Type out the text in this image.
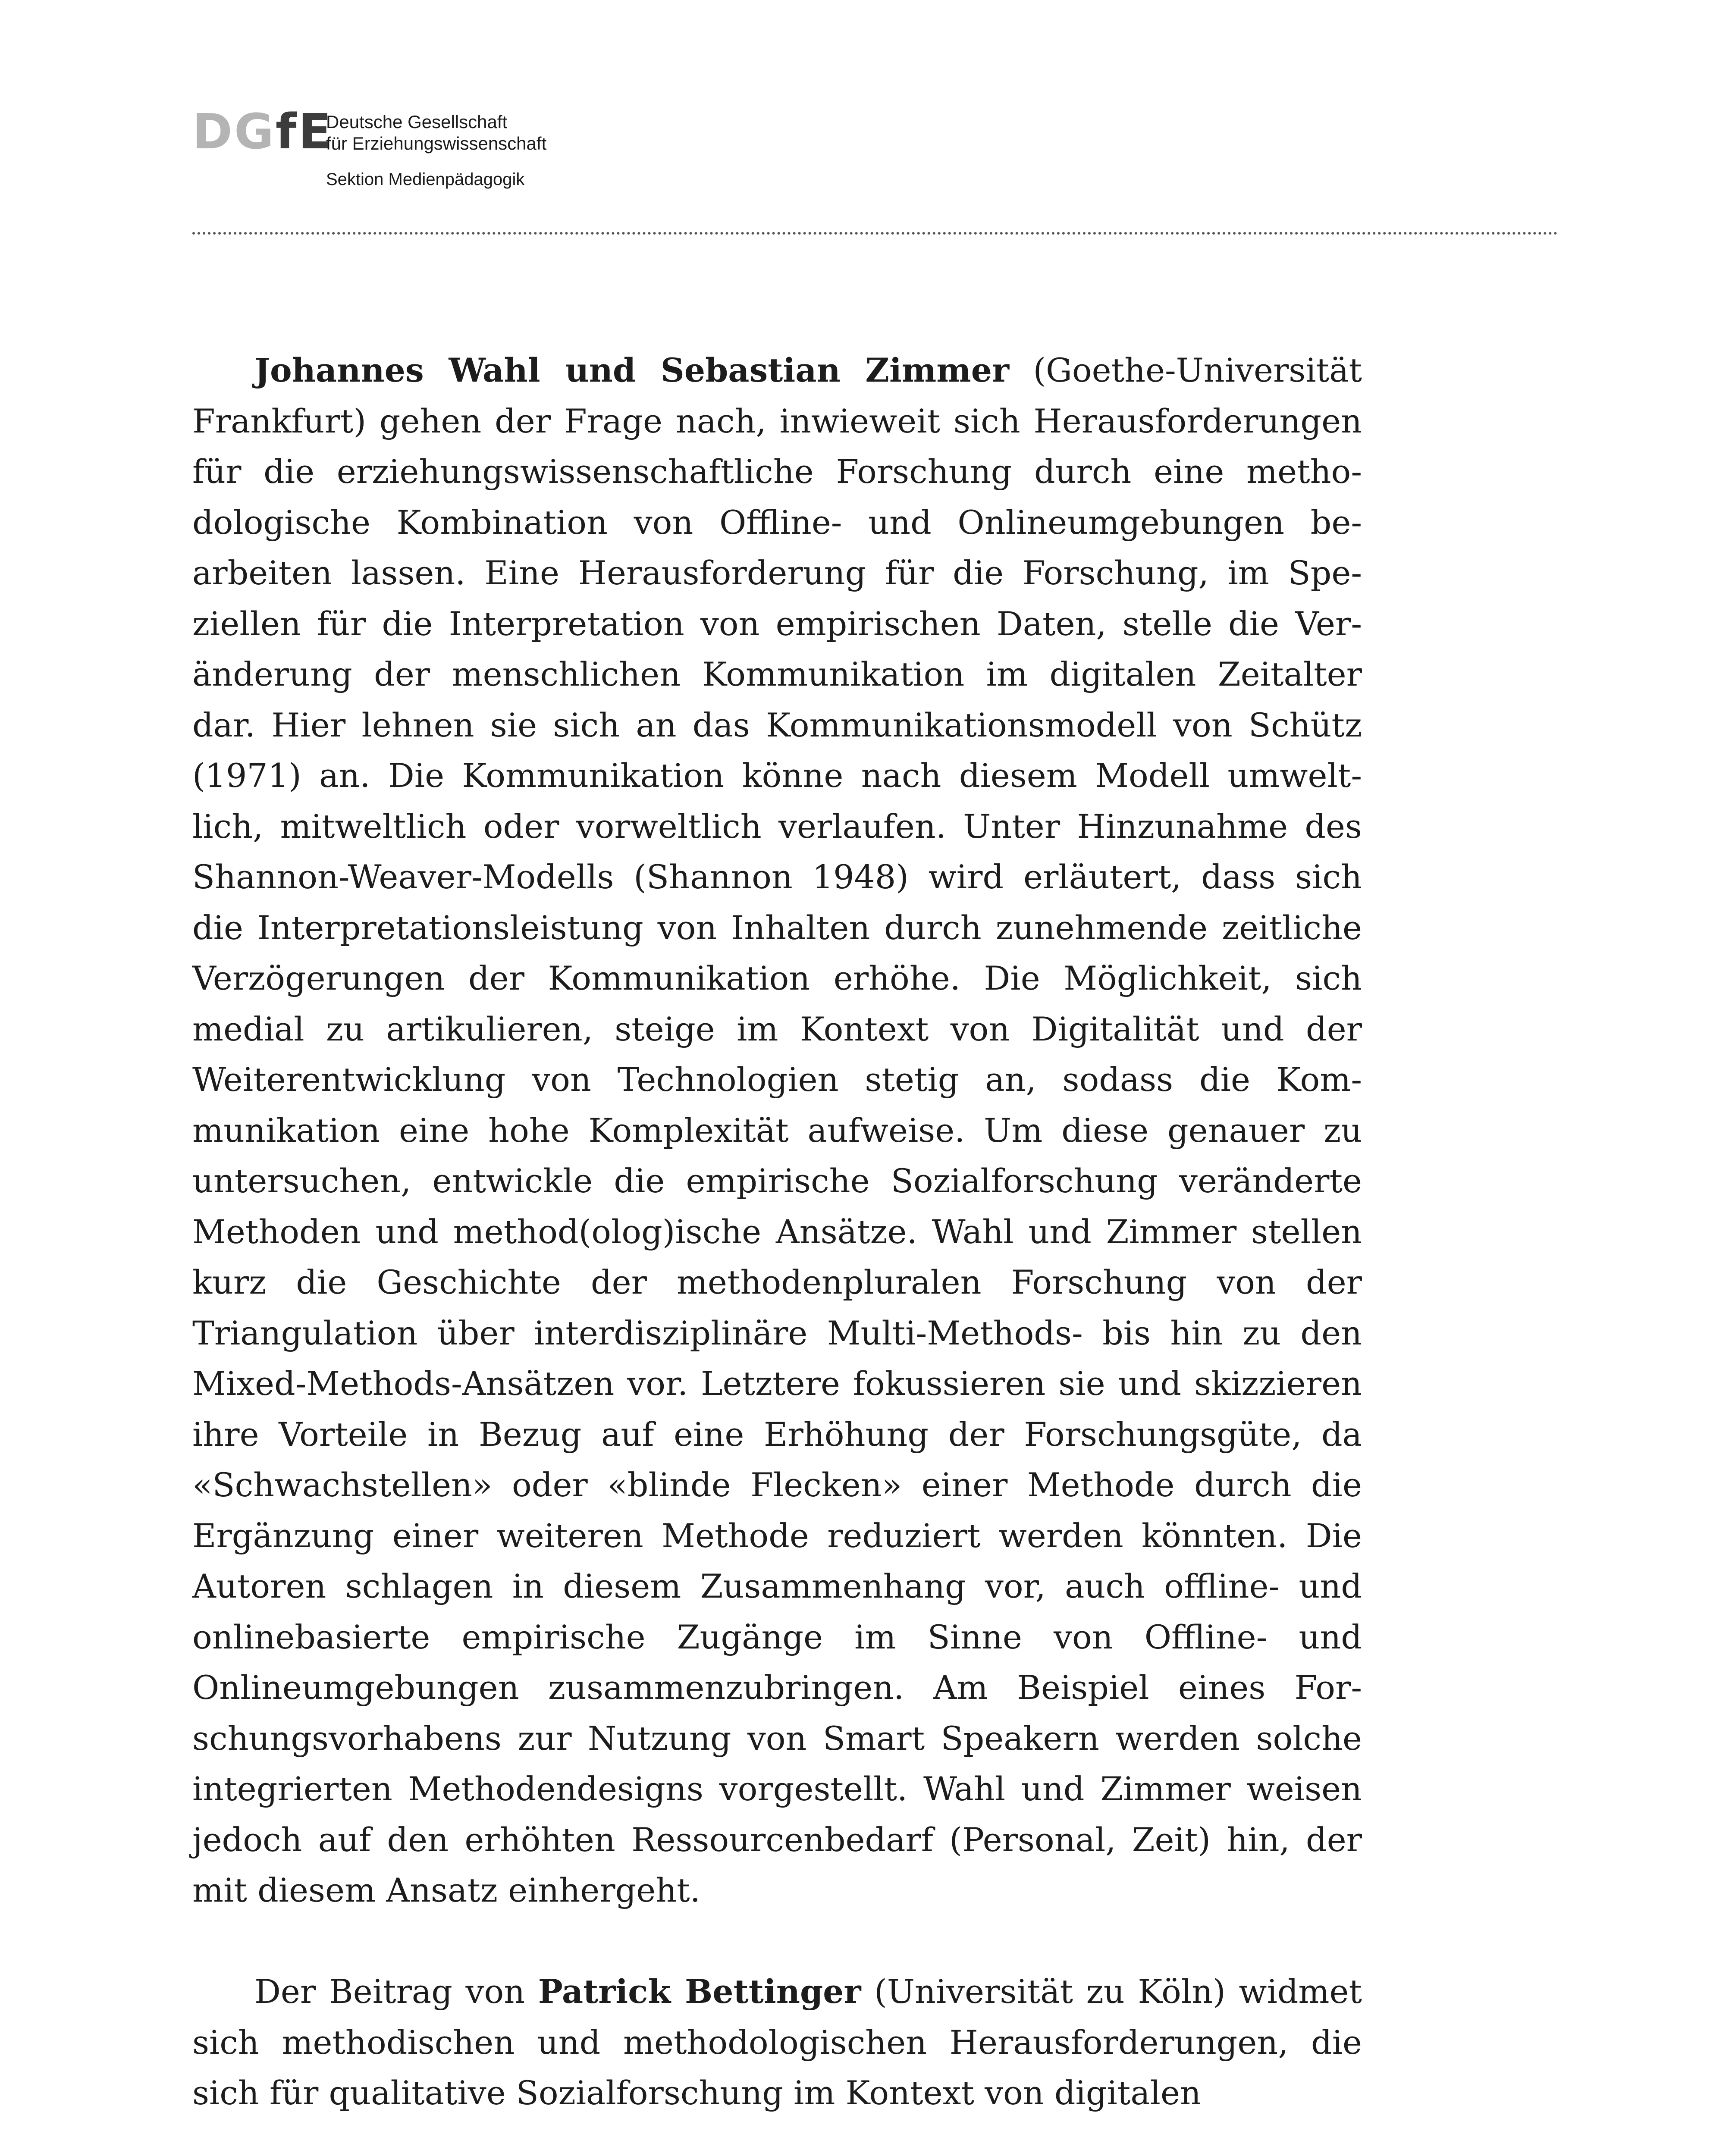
DGfE
Deutsche Gesellschaft
für Erziehungswissenschaft
Sektion Medienpädagogik

Johannes Wahl und Sebastian Zimmer (Goethe-Universität Frankfurt) gehen der Frage nach, inwieweit sich Herausforderungen für die erziehungswissenschaftliche Forschung durch eine methodologische Kombination von Offline- und Onlineumgebungen bearbeiten lassen. Eine Herausforderung für die Forschung, im Speziellen für die Interpretation von empirischen Daten, stelle die Veränderung der menschlichen Kommunikation im digitalen Zeitalter dar. Hier lehnen sie sich an das Kommunikationsmodell von Schütz (1971) an. Die Kommunikation könne nach diesem Modell umweltlich, mitweltlich oder vorweltlich verlaufen. Unter Hinzunahme des Shannon-Weaver-Modells (Shannon 1948) wird erläutert, dass sich die Interpretationsleistung von Inhalten durch zunehmende zeitliche Verzögerungen der Kommunikation erhöhe. Die Möglichkeit, sich medial zu artikulieren, steige im Kontext von Digitalität und der Weiterentwicklung von Technologien stetig an, sodass die Kommunikation eine hohe Komplexität aufweise. Um diese genauer zu untersuchen, entwickle die empirische Sozialforschung veränderte Methoden und method(olog)ische Ansätze. Wahl und Zimmer stellen kurz die Geschichte der methodenpluralen Forschung von der Triangulation über interdisziplinäre Multi-Methods- bis hin zu den Mixed-Methods-Ansätzen vor. Letztere fokussieren sie und skizzieren ihre Vorteile in Bezug auf eine Erhöhung der Forschungsgüte, da «Schwachstellen» oder «blinde Flecken» einer Methode durch die Ergänzung einer weiteren Methode reduziert werden könnten. Die Autoren schlagen in diesem Zusammenhang vor, auch offline- und onlinebasierte empirische Zugänge im Sinne von Offline- und Onlineumgebungen zusammenzubringen. Am Beispiel eines Forschungsvorhabens zur Nutzung von Smart Speakern werden solche integrierten Methodendesigns vorgestellt. Wahl und Zimmer weisen jedoch auf den erhöhten Ressourcenbedarf (Personal, Zeit) hin, der mit diesem Ansatz einhergeht.

Der Beitrag von Patrick Bettinger (Universität zu Köln) widmet sich methodischen und methodologischen Herausforderungen, die sich für qualitative Sozialforschung im Kontext von digitalen
